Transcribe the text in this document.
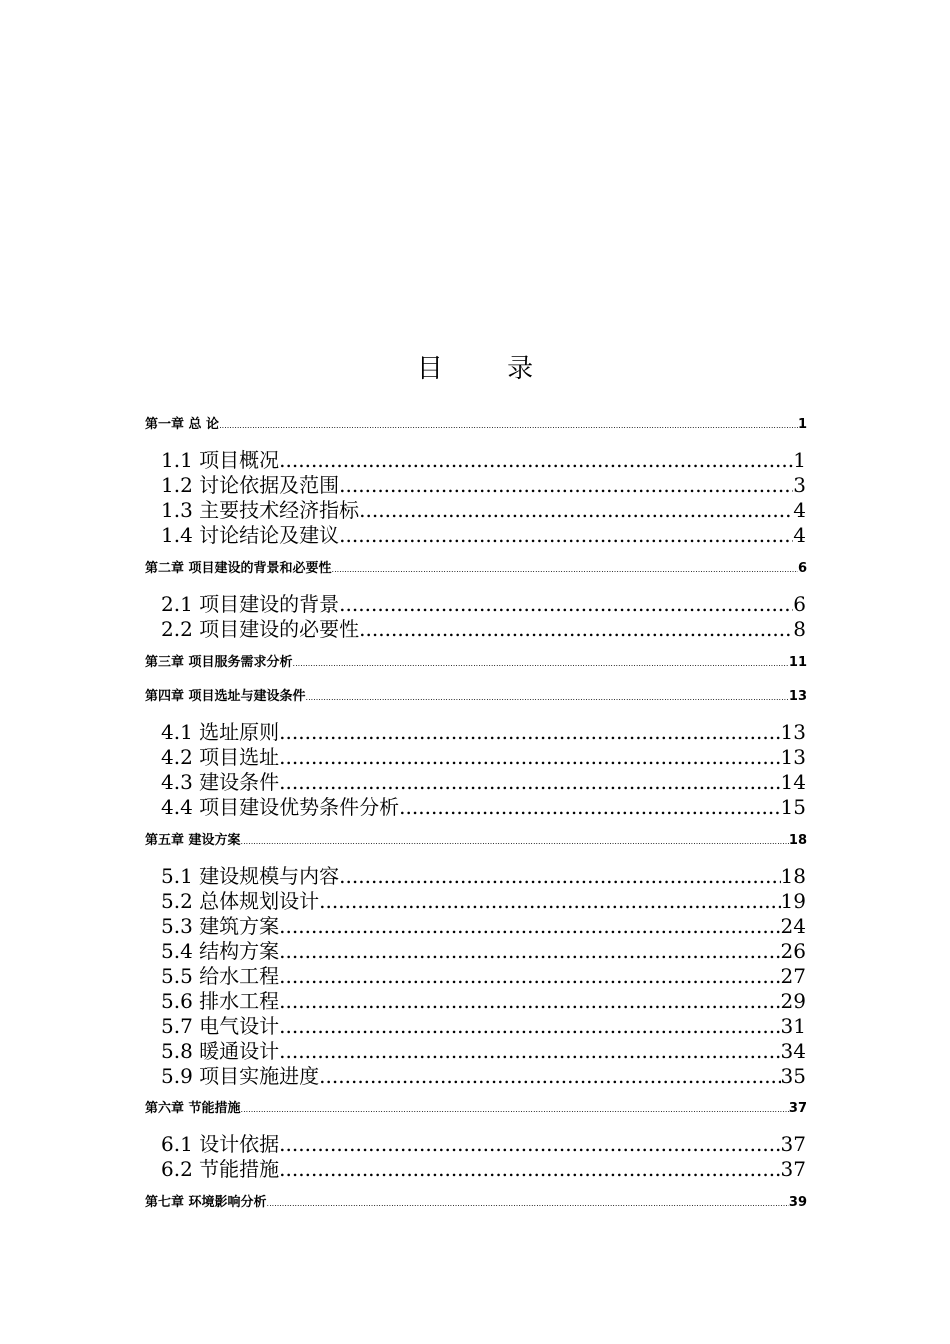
目 录
第一章 总 论 .....	1
1.1 项目概况 .....	1
1.2 讨论依据及范围 .....	3
1.3 主要技术经济指标 .....	4
1.4 讨论结论及建议 .....	4
第二章 项目建设的背景和必要性 .....	6
2.1 项目建设的背景 .....	6
2.2 项目建设的必要性 .....	8
第三章 项目服务需求分析 .....	11
第四章 项目选址与建设条件 .....	13
4.1 选址原则 .....	13
4.2 项目选址 .....	13
4.3 建设条件 .....	14
4.4 项目建设优势条件分析 .....	15
第五章 建设方案 .....	18
5.1 建设规模与内容 .....	18
5.2 总体规划设计 .....	19
5.3 建筑方案 .....	24
5.4 结构方案 .....	26
5.5 给水工程 .....	27
5.6 排水工程 .....	29
5.7 电气设计 .....	31
5.8 暖通设计 .....	34
5.9 项目实施进度 .....	35
第六章 节能措施 .....	37
6.1 设计依据 .....	37
6.2 节能措施 .....	37
第七章 环境影响分析 .....	39
